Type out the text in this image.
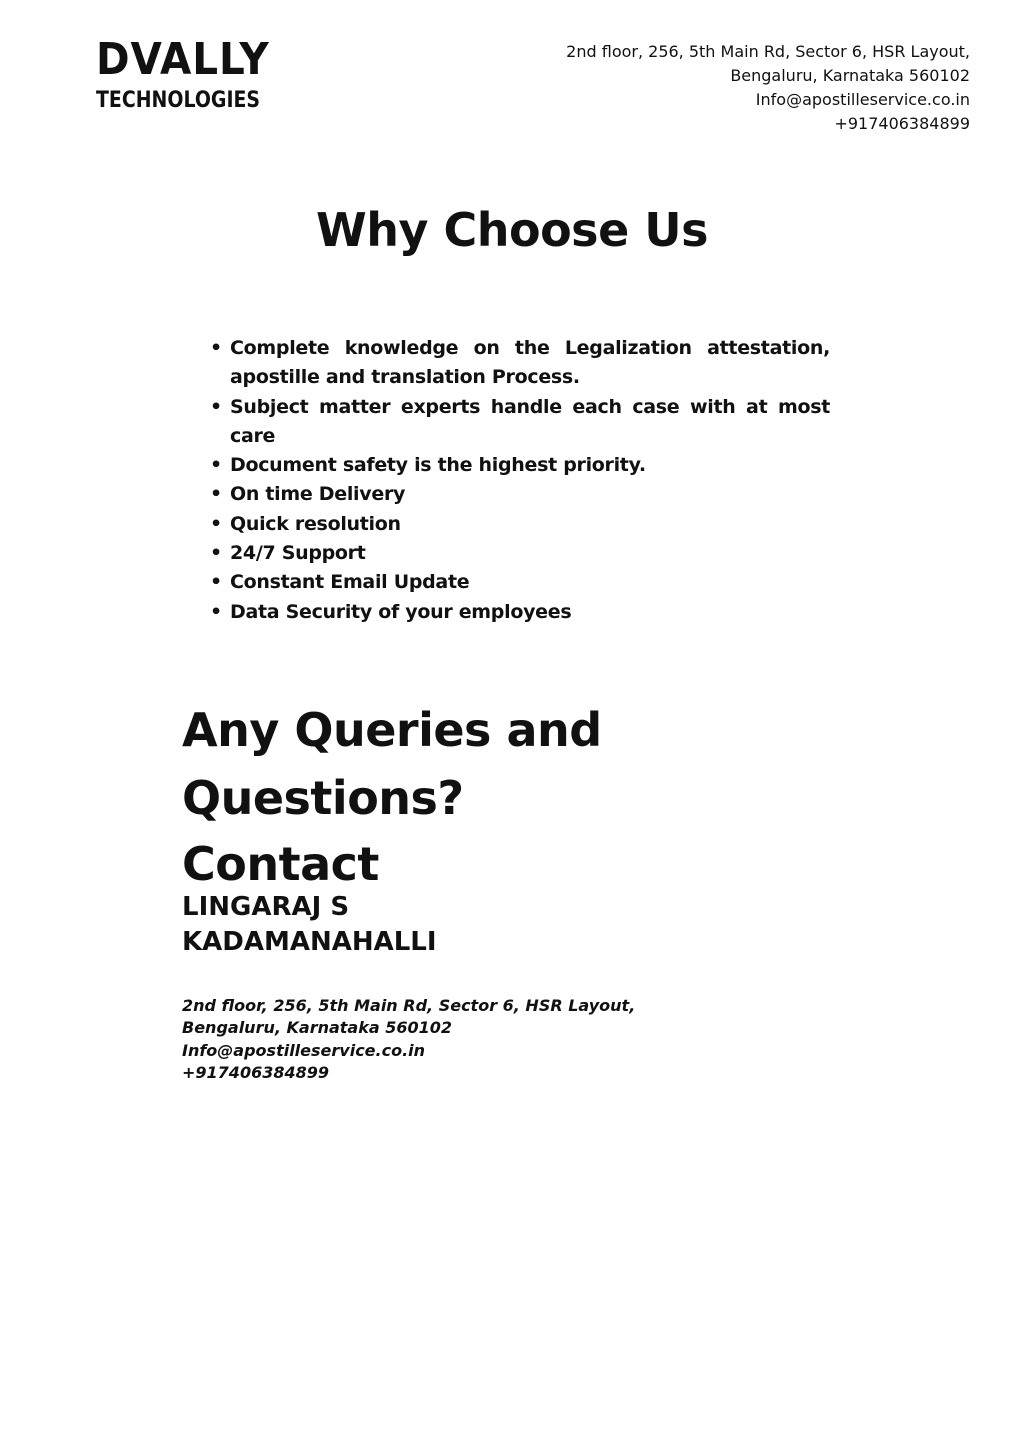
DVALLY
TECHNOLOGIES
2nd floor, 256, 5th Main Rd, Sector 6, HSR Layout,
Bengaluru, Karnataka 560102
Info@apostilleservice.co.in
+917406384899
Why Choose Us
• Complete knowledge on the Legalization attestation, apostille and translation Process.
• Subject matter experts handle each case with at most care
• Document safety is the highest priority.
• On time Delivery
• Quick resolution
• 24/7 Support
• Constant Email Update
• Data Security of your employees
Any Queries and
Questions?
Contact
LINGARAJ S
KADAMANAHALLI
2nd floor, 256, 5th Main Rd, Sector 6, HSR Layout,
Bengaluru, Karnataka 560102
Info@apostilleservice.co.in
+917406384899
